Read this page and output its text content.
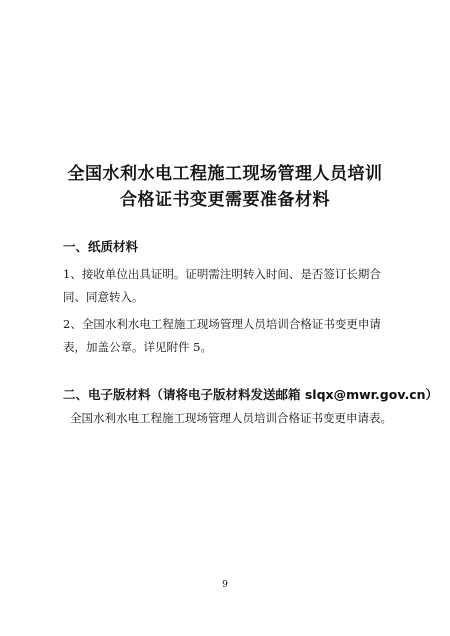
全国水利水电工程施工现场管理人员培训
合格证书变更需要准备材料
一、纸质材料
1、接收单位出具证明。证明需注明转入时间、是否签订长期合
同、同意转入。
2、全国水利水电工程施工现场管理人员培训合格证书变更申请
表，加盖公章。详见附件 5。
二、电子版材料（请将电子版材料发送邮箱 slqx@mwr.gov.cn）
全国水利水电工程施工现场管理人员培训合格证书变更申请表。
9
